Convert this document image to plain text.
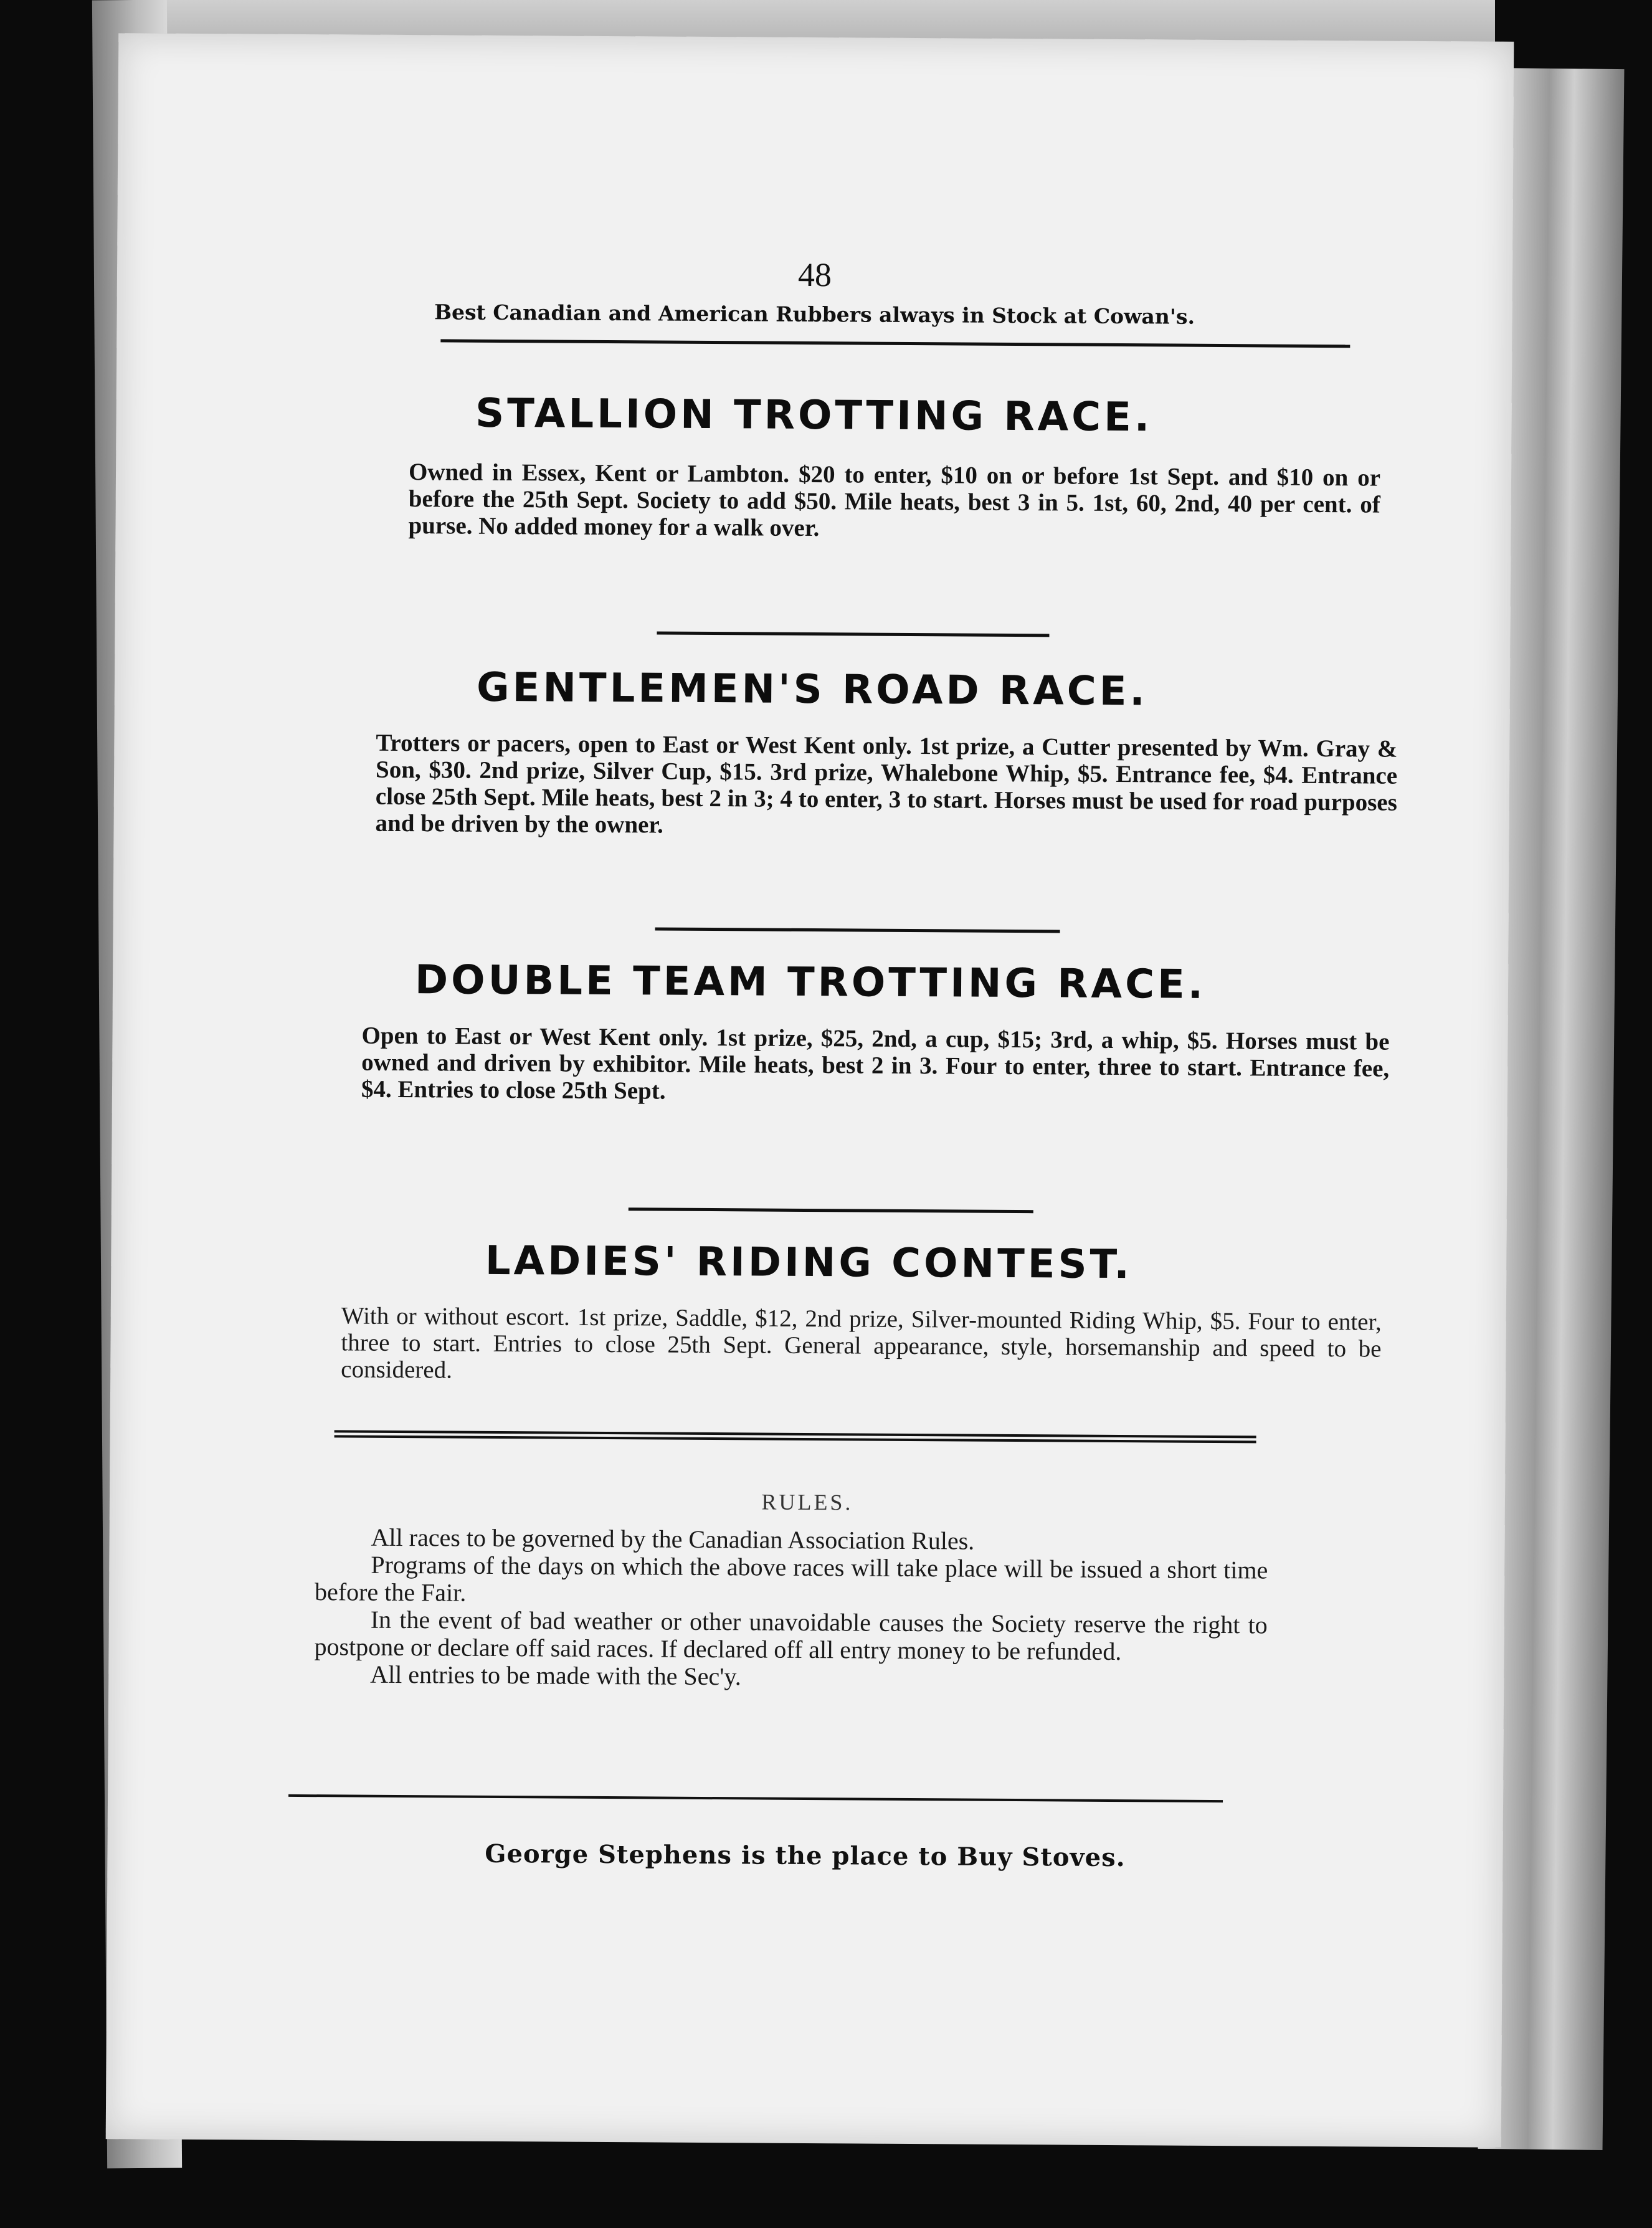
48
Best Canadian and American Rubbers always in Stock at Cowan's.
STALLION TROTTING RACE.

Owned in Essex, Kent or Lambton. $20 to enter, $10 on or before 1st Sept. and $10 on or before the 25th Sept. Society to add $50. Mile heats, best 3 in 5. 1st, 60, 2nd, 40 per cent. of purse. No added money for a walk over.

GENTLEMEN'S ROAD RACE.

Trotters or pacers, open to East or West Kent only. 1st prize, a Cutter presented by Wm. Gray & Son, $30. 2nd prize, Silver Cup, $15. 3rd prize, Whalebone Whip, $5. Entrance fee, $4. Entrance close 25th Sept. Mile heats, best 2 in 3; 4 to enter, 3 to start. Horses must be used for road purposes and be driven by the owner.

DOUBLE TEAM TROTTING RACE.

Open to East or West Kent only. 1st prize, $25, 2nd, a cup, $15; 3rd, a whip, $5. Horses must be owned and driven by exhibitor. Mile heats, best 2 in 3. Four to enter, three to start. Entrance fee, $4. Entries to close 25th Sept.

LADIES' RIDING CONTEST.

With or without escort. 1st prize, Saddle, $12, 2nd prize, Silver-mounted Riding Whip, $5. Four to enter, three to start. Entries to close 25th Sept. General appearance, style, horsemanship and speed to be considered.

RULES.

All races to be governed by the Canadian Association Rules.

Programs of the days on which the above races will take place will be issued a short time before the Fair.

In the event of bad weather or other unavoidable causes the Society reserve the right to postpone or declare off said races. If declared off all entry money to be refunded.

All entries to be made with the Sec'y.

George Stephens is the place to Buy Stoves.
